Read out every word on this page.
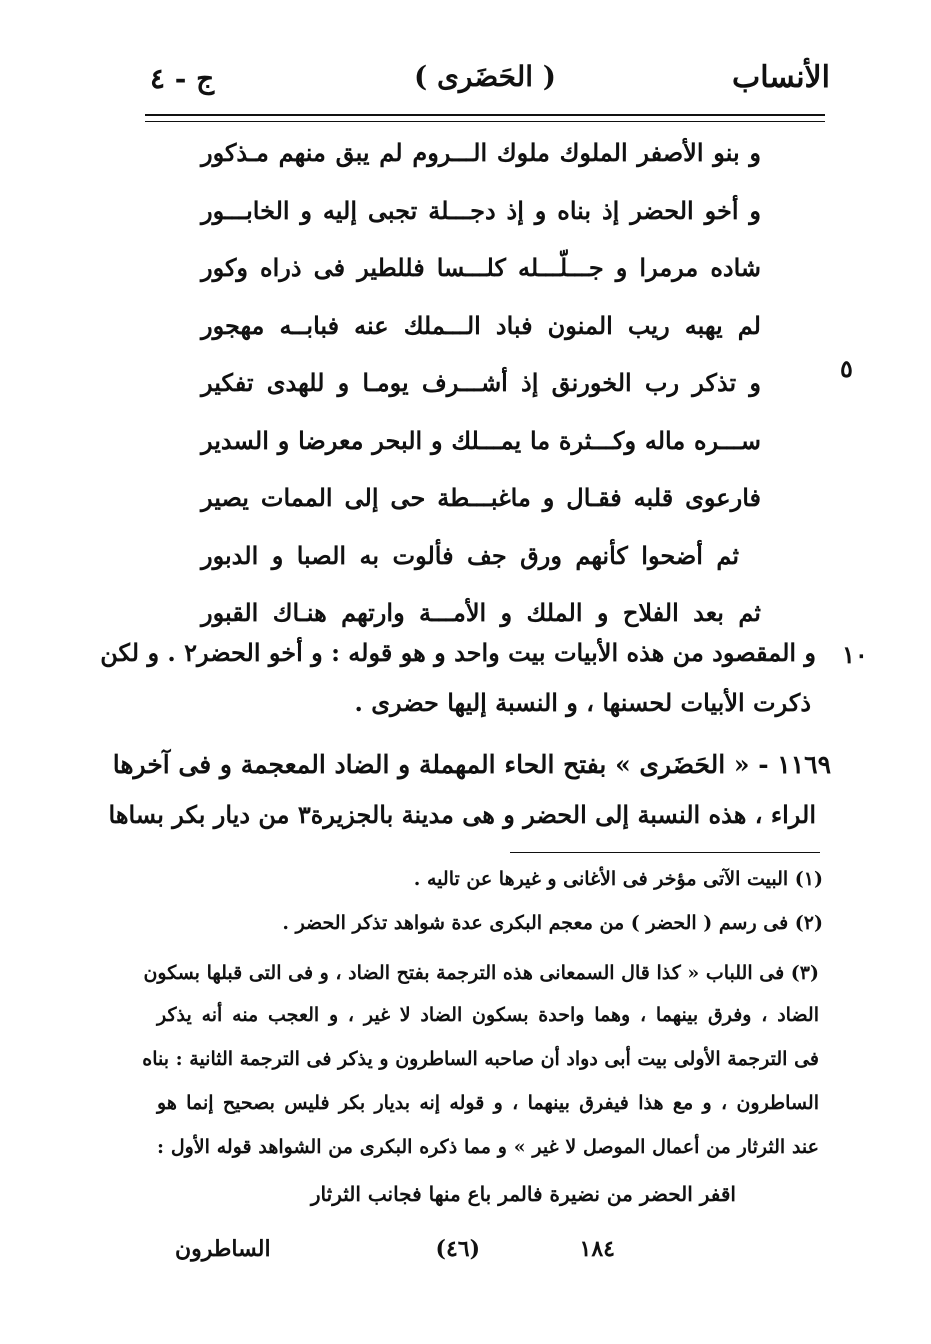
الأنساب
( الحَضَرى )
ج - ٤
و بنو الأصفر الملوك ملوك الـــروم لم يبق منهم مـذكور
و أخو الحضر إذ بناه و إذ دجـــلة تجبى إليه و الخابـــور
شاده مرمرا و جـــلّـــله كلـــسا فللطير فى ذراه وكور
لم يهبه ريب المنون فباد الـــملك عنه فبابــه مهجور
و تذكر رب الخورنق إذ أشـــرف يومـا و للهدى تفكير
ســـره ماله وكـــثرة ما يمـــلك و البحر معرضا و السدير
فارعوى قلبه فقـال و ماغبـــطة حى إلى الممات يصير
ثم أضحوا كأنهم ورق جف فألوت به الصبا و الدبور
ثم بعد الفلاح و الملك و الأمـــة وارتهم هنـاك القبور
٥
١٠
و المقصود من هذه الأبيات بيت واحد و هو قوله : و أخو الحضر٢ . و لكن
ذكرت الأبيات لحسنها ، و النسبة إليها حضرى .
١١٦٩ - « الحَضَرى » بفتح الحاء المهملة و الضاد المعجمة و فى آخرها
الراء ، هذه النسبة إلى الحضر و هى مدينة بالجزيرة٣ من ديار بكر بساها
(١) البيت الآتى مؤخر فى الأغانى و غيرها عن تاليه .
(٢) فى رسم ( الحضر ) من معجم البكرى عدة شواهد تذكر الحضر .
(٣) فى اللباب « كذا قال السمعانى هذه الترجمة بفتح الضاد ، و فى التى قبلها بسكون
الضاد ، وفرق بينهما ، وهما واحدة بسكون الضاد لا غير ، و العجب منه أنه يذكر
فى الترجمة الأولى بيت أبى دواد أن صاحبه الساطرون و يذكر فى الترجمة الثانية : بناه
الساطرون ، و مع هذا فيفرق بينهما ، و قوله إنه بديار بكر فليس بصحيح إنما هو
عند الثرثار من أعمال الموصل لا غير » و مما ذكره البكرى من الشواهد قوله الأول :
اقفر الحضر من نضيرة فالمر باع منها فجانب الثرثار
١٨٤
(٤٦)
الساطرون
